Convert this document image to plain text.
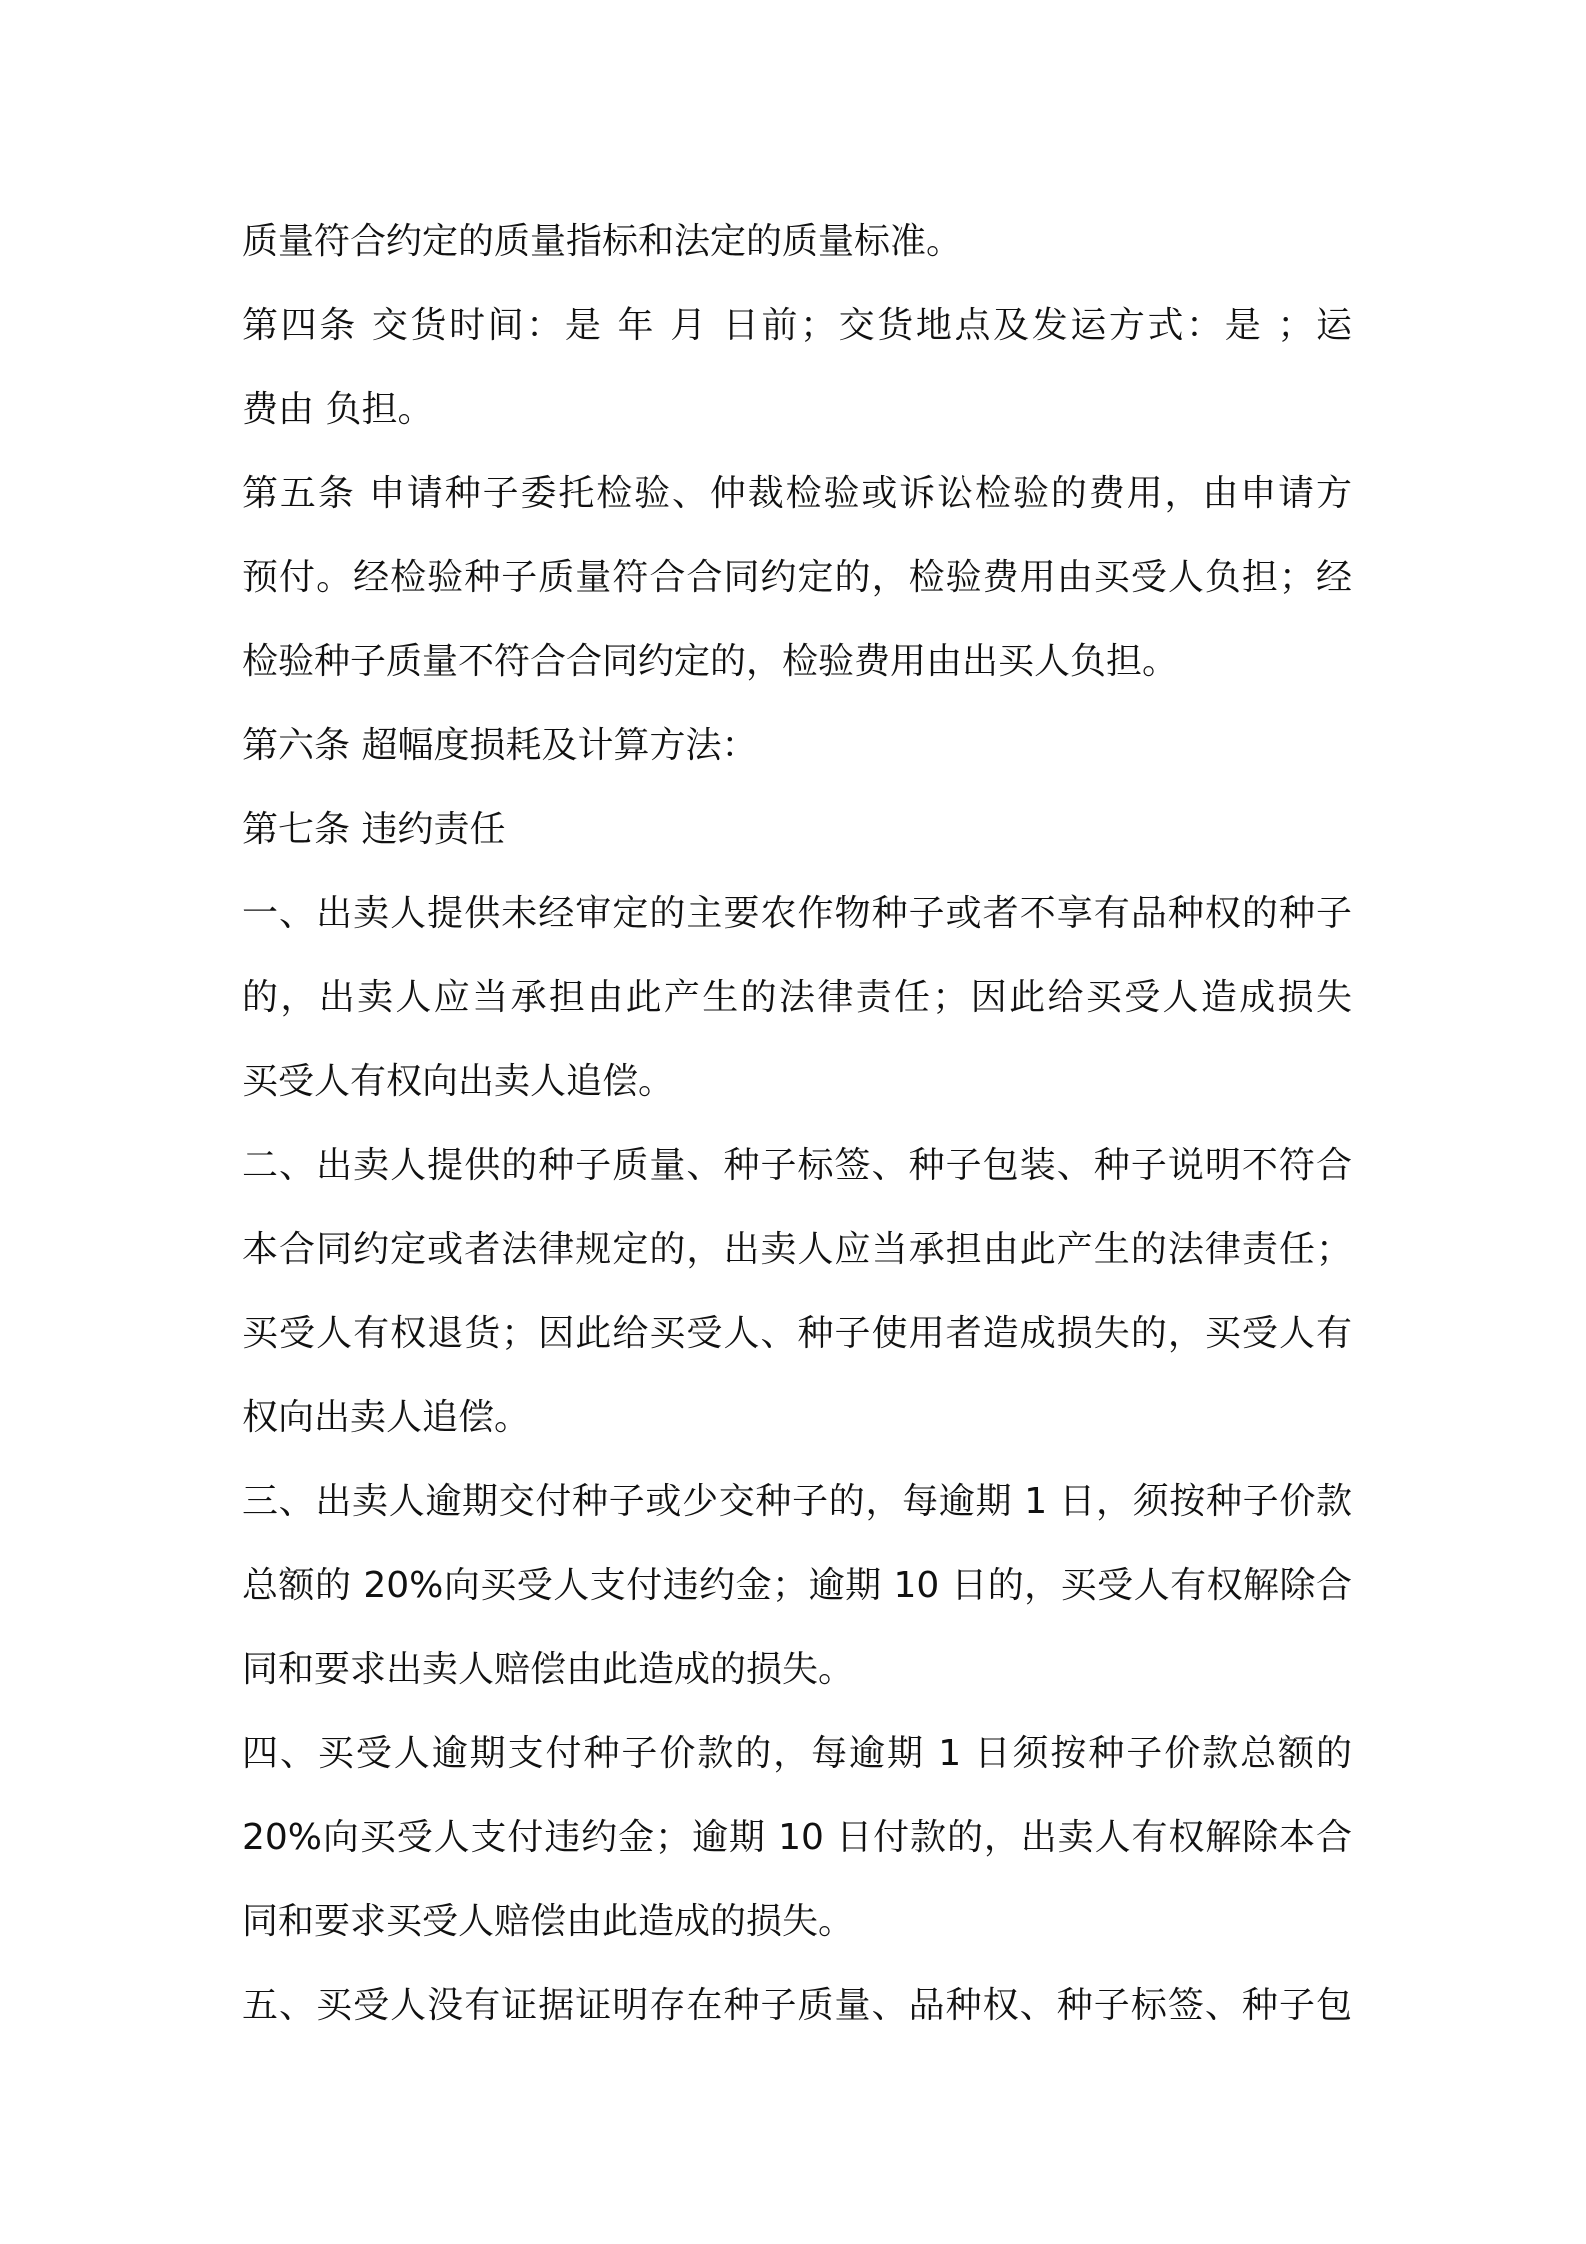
质量符合约定的质量指标和法定的质量标准。
第四条 交货时间：是 年 月 日前；交货地点及发运方式：是 ；运
费由 负担。
第五条 申请种子委托检验、仲裁检验或诉讼检验的费用，由申请方
预付。经检验种子质量符合合同约定的，检验费用由买受人负担；经
检验种子质量不符合合同约定的，检验费用由出买人负担。
第六条 超幅度损耗及计算方法：
第七条 违约责任
一、出卖人提供未经审定的主要农作物种子或者不享有品种权的种子
的，出卖人应当承担由此产生的法律责任；因此给买受人造成损失
买受人有权向出卖人追偿。
二、出卖人提供的种子质量、种子标签、种子包装、种子说明不符合
本合同约定或者法律规定的，出卖人应当承担由此产生的法律责任；
买受人有权退货；因此给买受人、种子使用者造成损失的，买受人有
权向出卖人追偿。
三、出卖人逾期交付种子或少交种子的，每逾期 1 日，须按种子价款
总额的 20%向买受人支付违约金；逾期 10 日的，买受人有权解除合
同和要求出卖人赔偿由此造成的损失。
四、买受人逾期支付种子价款的，每逾期 1 日须按种子价款总额的
20%向买受人支付违约金；逾期 10 日付款的，出卖人有权解除本合
同和要求买受人赔偿由此造成的损失。
五、买受人没有证据证明存在种子质量、品种权、种子标签、种子包
